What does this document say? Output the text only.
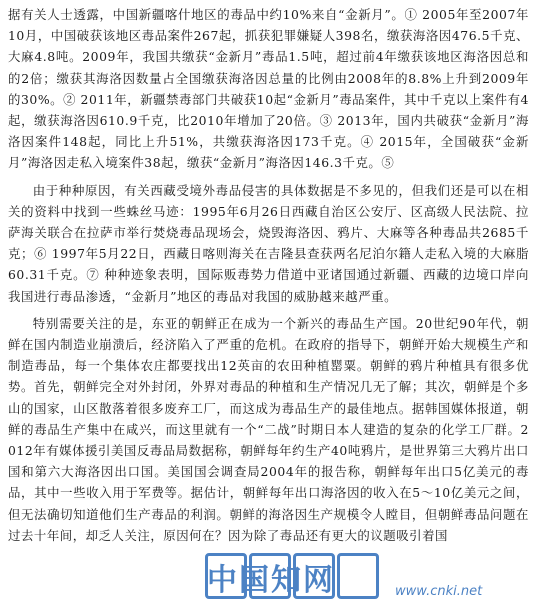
据有关人士透露，中国新疆喀什地区的毒品中约10%来自“金新月”。① 2005年至2007年10月，中国破获该地区毒品案件267起，抓获犯罪嫌疑人398名，缴获海洛因476.5千克、大麻4.8吨。2009年，我国共缴获“金新月”毒品1.5吨，超过前4年缴获该地区海洛因总和的2倍；缴获其海洛因数量占全国缴获海洛因总量的比例由2008年的8.8%上升到2009年的30%。② 2011年，新疆禁毒部门共破获10起“金新月”毒品案件，其中千克以上案件有4起，缴获海洛因610.9千克，比2010年增加了20倍。③ 2013年，国内共破获“金新月”海洛因案件148起，同比上升51%，共缴获海洛因173千克。④ 2015年，全国破获“金新月”海洛因走私入境案件38起，缴获“金新月”海洛因146.3千克。⑤

由于种种原因，有关西藏受境外毒品侵害的具体数据是不多见的，但我们还是可以在相关的资料中找到一些蛛丝马迹：1995年6月26日西藏自治区公安厅、区高级人民法院、拉萨海关联合在拉萨市举行焚烧毒品现场会，烧毁海洛因、鸦片、大麻等各种毒品共2685千克；⑥ 1997年5月22日，西藏日喀则海关在吉隆县查获两名尼泊尔籍人走私入境的大麻脂60.31千克。⑦ 种种迹象表明，国际贩毒势力借道中亚诸国通过新疆、西藏的边境口岸向我国进行毒品渗透，“金新月”地区的毒品对我国的威胁越来越严重。

特别需要关注的是，东亚的朝鲜正在成为一个新兴的毒品生产国。20世纪90年代，朝鲜在国内制造业崩溃后，经济陷入了严重的危机。在政府的指导下，朝鲜开始大规模生产和制造毒品，每一个集体农庄都要找出12英亩的农田种植罂粟。朝鲜的鸦片种植具有很多优势。首先，朝鲜完全对外封闭，外界对毒品的种植和生产情况几无了解；其次，朝鲜是个多山的国家，山区散落着很多废弃工厂，而这成为毒品生产的最佳地点。据韩国媒体报道，朝鲜的毒品生产集中在咸兴，而这里就有一个“二战”时期日本人建造的复杂的化学工厂群。2012年有媒体援引美国反毒品局数据称，朝鲜每年约生产40吨鸦片，是世界第三大鸦片出口国和第六大海洛因出口国。美国国会调查局2004年的报告称，朝鲜每年出口5亿美元的毒品，其中一些收入用于军费等。据估计，朝鲜每年出口海洛因的收入在5～10亿美元之间，但无法确切知道他们生产毒品的利润。朝鲜的海洛因生产规模令人瞠目，但朝鲜毒品问题在过去十年间，却乏人关注，原因何在？因为除了毒品还有更大的议题吸引着国

中国知网	www.cnki.net
